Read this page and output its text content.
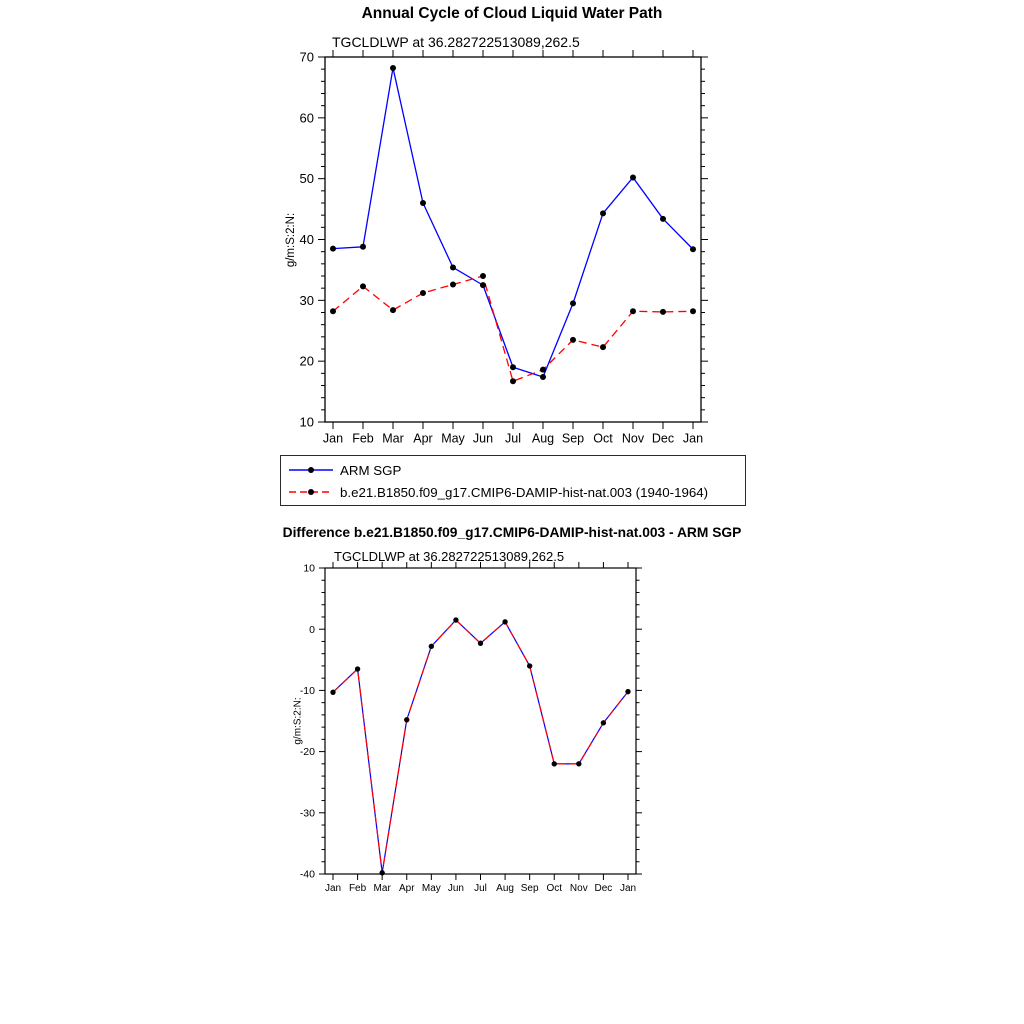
Annual Cycle of Cloud Liquid Water Path
TGCLDLWP at 36.282722513089,262.5
g/m:S:2:N:
Difference b.e21.B1850.f09_g17.CMIP6-DAMIP-hist-nat.003 - ARM SGP
TGCLDLWP at 36.282722513089,262.5
g/m:S:2:N:
10
20
30
40
50
60
70
Jan Feb Mar Apr May Jun Jul Aug Sep Oct Nov Dec Jan
-40
-30
-20
-10
0
10
Jan Feb Mar Apr May Jun Jul Aug Sep Oct Nov Dec Jan
ARM SGP
b.e21.B1850.f09_g17.CMIP6-DAMIP-hist-nat.003 (1940-1964)
